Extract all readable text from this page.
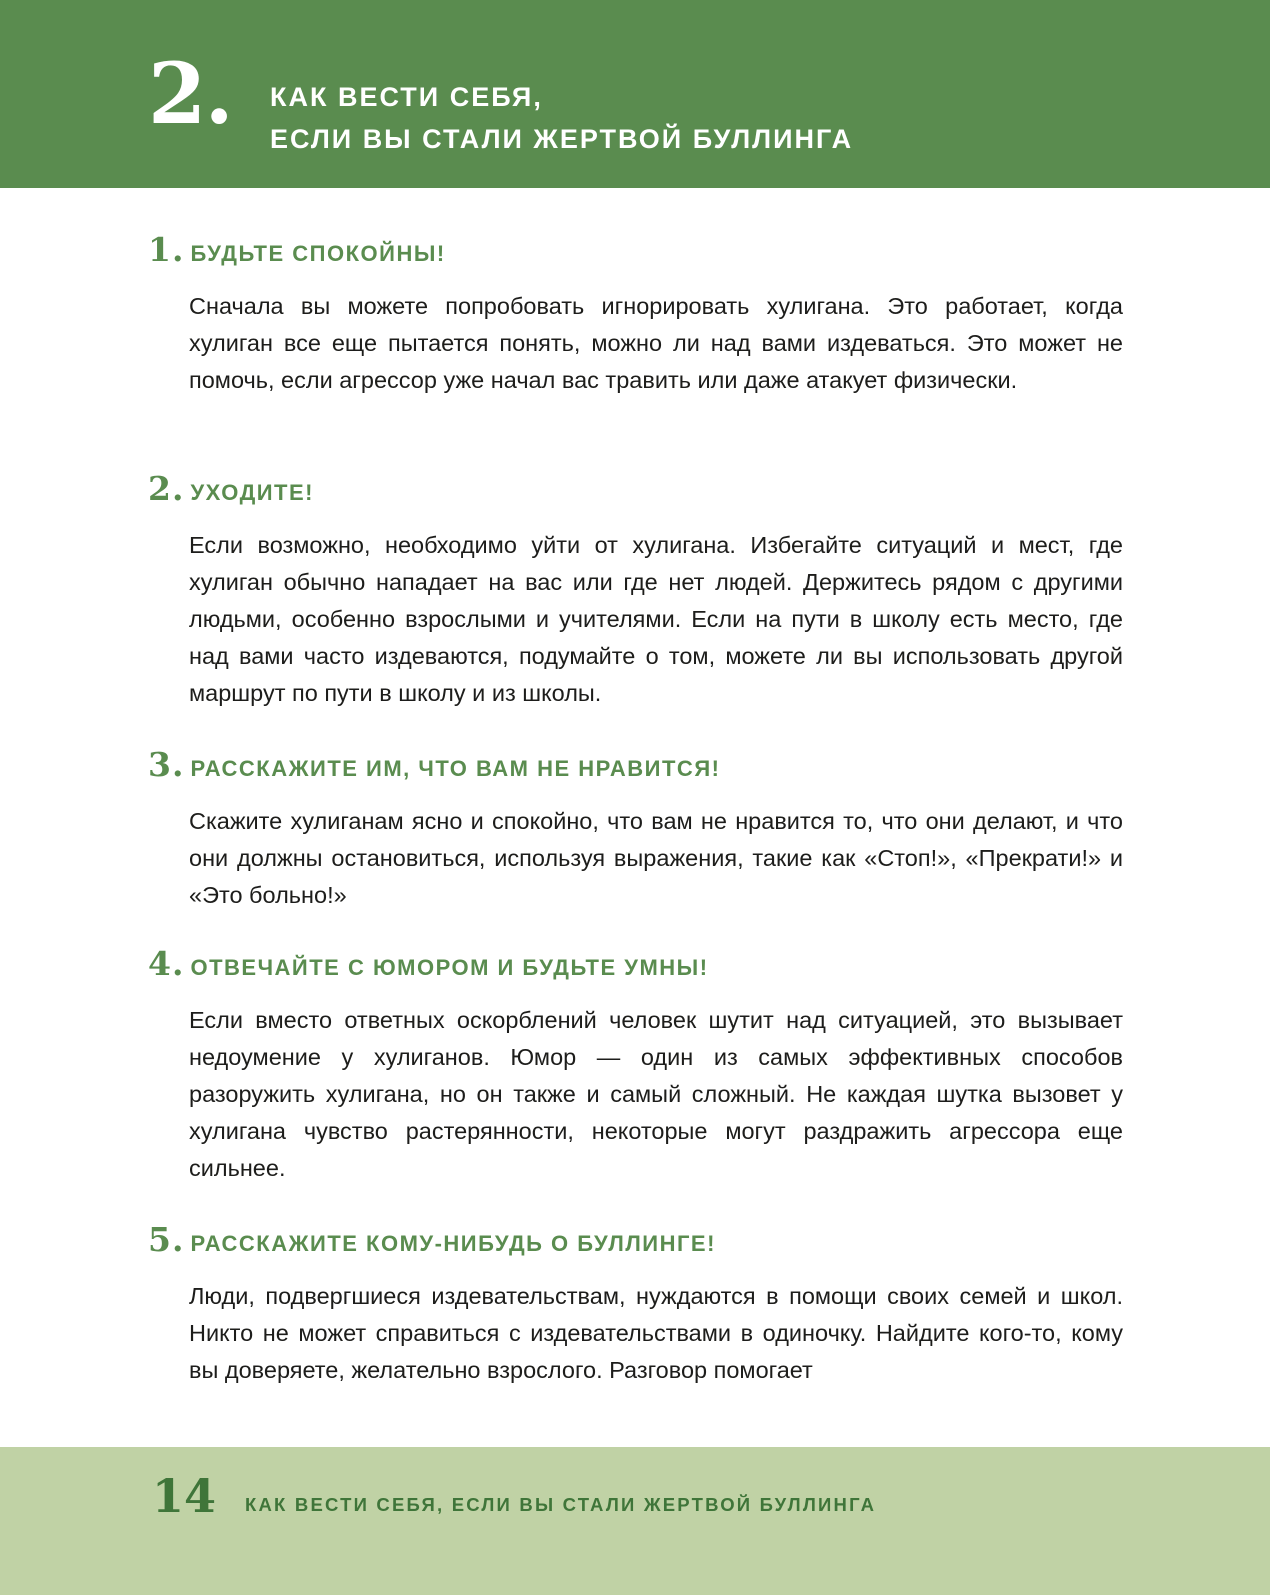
2. КАК ВЕСТИ СЕБЯ,
ЕСЛИ ВЫ СТАЛИ ЖЕРТВОЙ БУЛЛИНГА
1. БУДЬТЕ СПОКОЙНЫ!
Сначала вы можете попробовать игнорировать хулигана. Это работает, когда хулиган все еще пытается понять, можно ли над вами издеваться. Это может не помочь, если агрессор уже начал вас травить или даже атакует физически.
2. УХОДИТЕ!
Если возможно, необходимо уйти от хулигана. Избегайте ситуаций и мест, где хулиган обычно нападает на вас или где нет людей. Держитесь рядом с другими людьми, особенно взрослыми и учителями. Если на пути в школу есть место, где над вами часто издеваются, подумайте о том, можете ли вы использовать другой маршрут по пути в школу и из школы.
3. РАССКАЖИТЕ ИМ, ЧТО ВАМ НЕ НРАВИТСЯ!
Скажите хулиганам ясно и спокойно, что вам не нравится то, что они делают, и что они должны остановиться, используя выражения, такие как «Стоп!», «Прекрати!» и «Это больно!»
4. ОТВЕЧАЙТЕ С ЮМОРОМ И БУДЬТЕ УМНЫ!
Если вместо ответных оскорблений человек шутит над ситуацией, это вызывает недоумение у хулиганов. Юмор — один из самых эффективных способов разоружить хулигана, но он также и самый сложный. Не каждая шутка вызовет у хулигана чувство растерянности, некоторые могут раздражить агрессора еще сильнее.
5. РАССКАЖИТЕ КОМУ-НИБУДЬ О БУЛЛИНГЕ!
Люди, подвергшиеся издевательствам, нуждаются в помощи своих семей и школ. Никто не может справиться с издевательствами в одиночку. Найдите кого-то, кому вы доверяете, желательно взрослого. Разговор помогает
14 КАК ВЕСТИ СЕБЯ, ЕСЛИ ВЫ СТАЛИ ЖЕРТВОЙ БУЛЛИНГА
